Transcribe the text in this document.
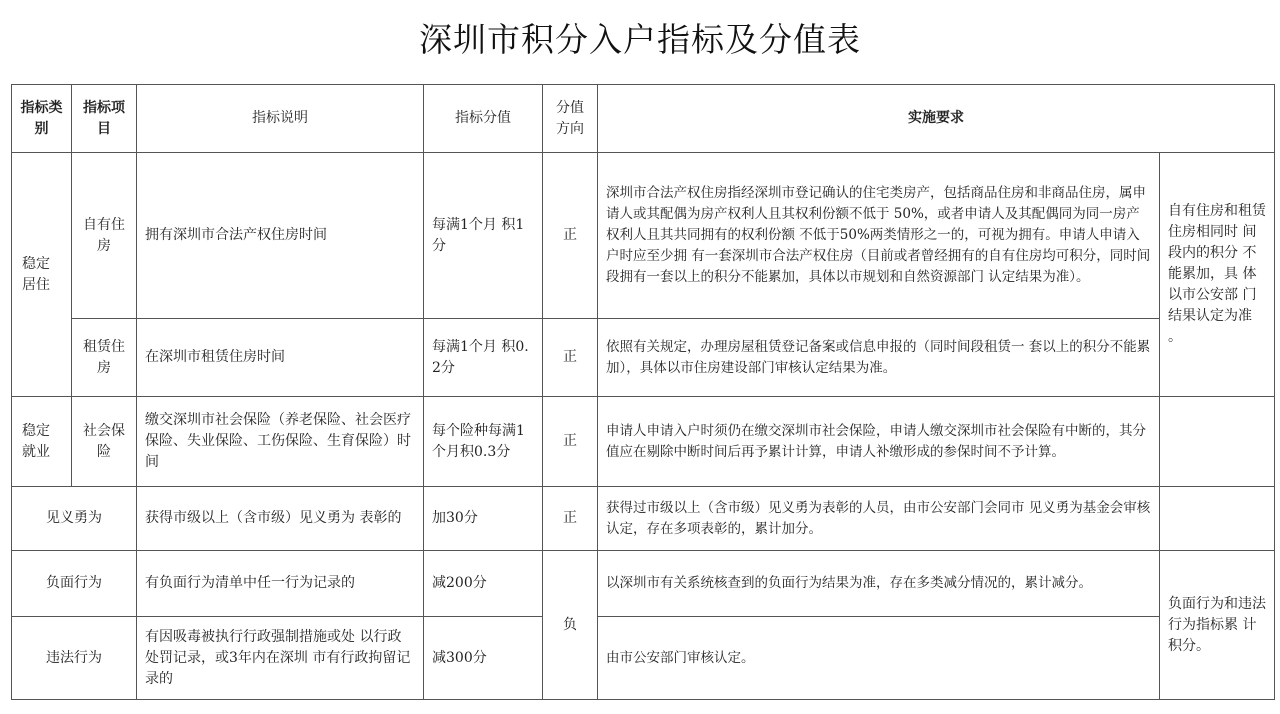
深圳市积分入户指标及分值表
指标类别	指标项目	指标说明	指标分值	分值方向	实施要求	
稳定居住	自有住房	拥有深圳市合法产权住房时间	每满1个月 积1分	正	深圳市合法产权住房指经深圳市登记确认的住宅类房产，包括商品住房和非商品住房，属申请人或其配偶为房产权利人且其权利份额不低于 50%，或者申请人及其配偶同为同一房产权利人且其共同拥有的权利份额 不低于50%两类情形之一的，可视为拥有。申请人申请入户时应至少拥 有一套深圳市合法产权住房（目前或者曾经拥有的自有住房均可积分，同时间段拥有一套以上的积分不能累加，具体以市规划和自然资源部门 认定结果为准）。	自有住房和租赁住房相同时 间段内的积分 不能累加，具 体以市公安部 门结果认定为准 。
	租赁住房	在深圳市租赁住房时间	每满1个月 积0.2分	正	依照有关规定，办理房屋租赁登记备案或信息申报的（同时间段租赁一 套以上的积分不能累加），具体以市住房建设部门审核认定结果为准。	
稳定就业	社会保险	缴交深圳市社会保险（养老保险、社会医疗保险、失业保险、工伤保险、生育保险）时间	每个险种每满1个月积0.3分	正	申请人申请入户时须仍在缴交深圳市社会保险，申请人缴交深圳市社会保险有中断的，其分值应在剔除中断时间后再予累计计算，申请人补缴形成的参保时间不予计算。	
见义勇为		获得市级以上（含市级）见义勇为 表彰的	加30分	正	获得过市级以上（含市级）见义勇为表彰的人员，由市公安部门会同市 见义勇为基金会审核认定，存在多项表彰的，累计加分。	
负面行为		有负面行为清单中任一行为记录的	减200分	负	以深圳市有关系统核查到的负面行为结果为准，存在多类减分情况的，累计减分。	负面行为和违法行为指标累 计积分。
违法行为		有因吸毒被执行行政强制措施或处 以行政处罚记录，或3年内在深圳 市有行政拘留记录的	减300分		由市公安部门审核认定。	
